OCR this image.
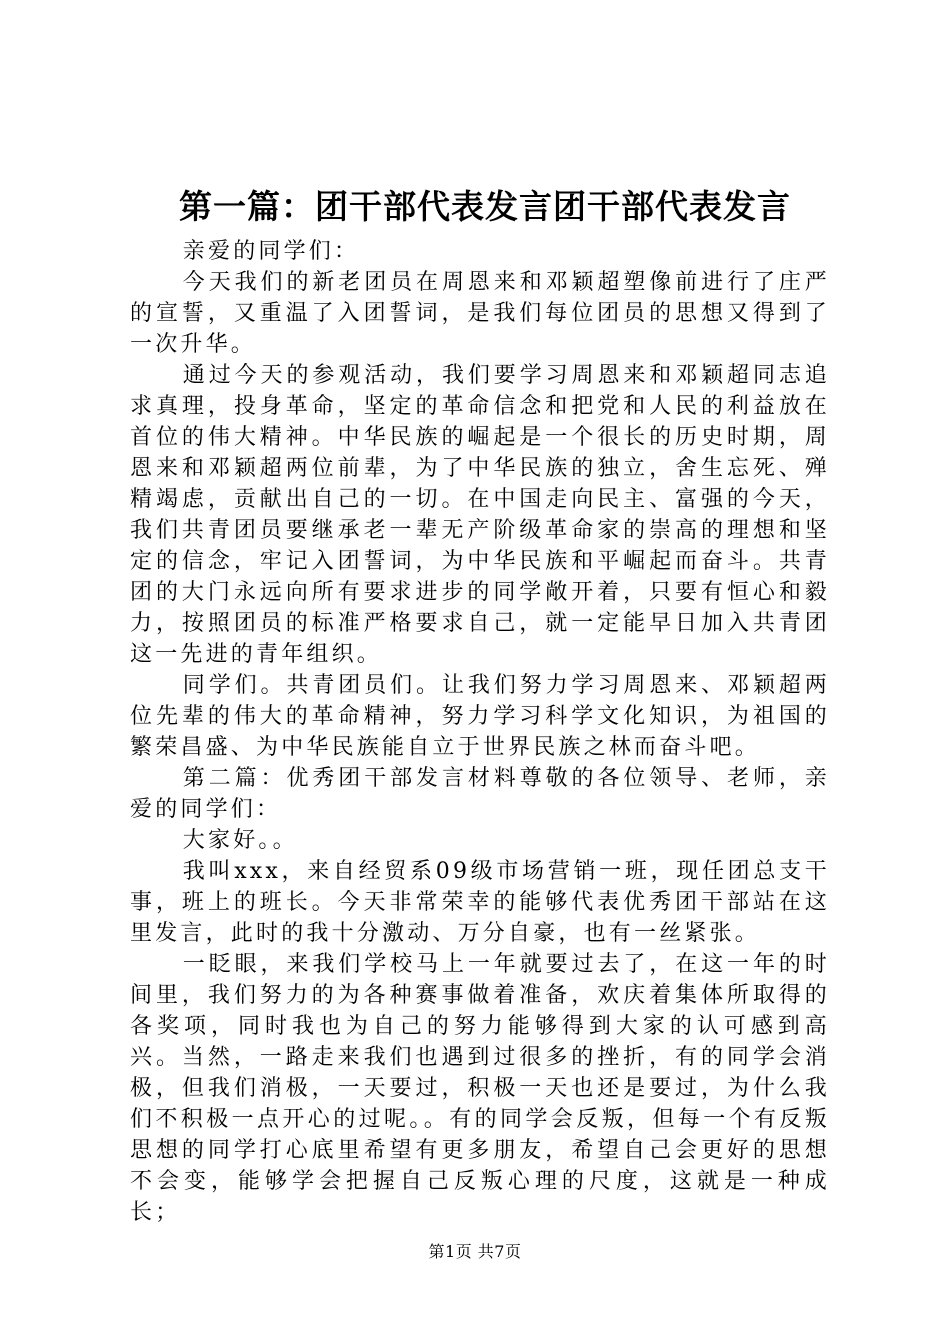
第一篇：团干部代表发言团干部代表发言

亲爱的同学们：

今天我们的新老团员在周恩来和邓颖超塑像前进行了庄严的宣誓，又重温了入团誓词，是我们每位团员的思想又得到了一次升华。

通过今天的参观活动，我们要学习周恩来和邓颖超同志追求真理，投身革命，坚定的革命信念和把党和人民的利益放在首位的伟大精神。中华民族的崛起是一个很长的历史时期，周恩来和邓颖超两位前辈，为了中华民族的独立，舍生忘死、殚精竭虑，贡献出自己的一切。在中国走向民主、富强的今天，我们共青团员要继承老一辈无产阶级革命家的崇高的理想和坚定的信念，牢记入团誓词，为中华民族和平崛起而奋斗。共青团的大门永远向所有要求进步的同学敞开着，只要有恒心和毅力，按照团员的标准严格要求自己，就一定能早日加入共青团这一先进的青年组织。

同学们。共青团员们。让我们努力学习周恩来、邓颖超两位先辈的伟大的革命精神，努力学习科学文化知识，为祖国的繁荣昌盛、为中华民族能自立于世界民族之林而奋斗吧。

第二篇：优秀团干部发言材料尊敬的各位领导、老师，亲爱的同学们：

大家好。。

我叫xxx，来自经贸系09级市场营销一班，现任团总支干事，班上的班长。今天非常荣幸的能够代表优秀团干部站在这里发言，此时的我十分激动、万分自豪，也有一丝紧张。

一眨眼，来我们学校马上一年就要过去了，在这一年的时间里，我们努力的为各种赛事做着准备，欢庆着集体所取得的各奖项，同时我也为自己的努力能够得到大家的认可感到高兴。当然，一路走来我们也遇到过很多的挫折，有的同学会消极，但我们消极，一天要过，积极一天也还是要过，为什么我们不积极一点开心的过呢。。有的同学会反叛，但每一个有反叛思想的同学打心底里希望有更多朋友，希望自己会更好的思想不会变，能够学会把握自己反叛心理的尺度，这就是一种成长；

第1页 共7页
